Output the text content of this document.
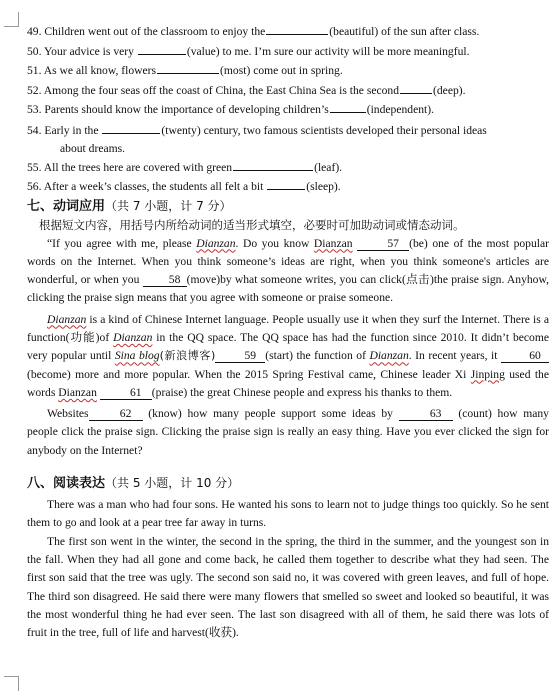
49. Children went out of the classroom to enjoy the	(beautiful) of the sun after class.
50. Your advice is very	(value) to me. I’m sure our activity will be more meaningful.
51. As we all know, flowers	(most) come out in spring.
52. Among the four seas off the coast of China, the East China Sea is the second	(deep).
53. Parents should know the importance of developing children’s	(independent).
54. Early in the	(twenty) century, two famous scientists developed their personal ideas
about dreams.
55. All the trees here are covered with green	(leaf).
56. After a week’s classes, the students all felt a bit	(sleep).
七、动词应用（共 7 小题，计 7 分）
根据短文内容，用括号内所给动词的适当形式填空，必要时可加助动词或情态动词。

“If you agree with me, please Dianzan. Do you know Dianzan	57 (be) one of the most popular words on the Internet. When you think someone’s ideas are right, when you think someone's articles are wonderful, or when you 58 (move)by what someone writes, you can click(点击)the praise sign. Anyhow, clicking the praise sign means that you agree with someone or praise someone.

Dianzan is a kind of Chinese Internet language. People usually use it when they surf the Internet. There is a function(功能)of Dianzan in the QQ space. The QQ space has had the function since 2010. It didn’t become very popular until Sina blog(新浪博客)	59 (start) the function of Dianzan. In recent years, it 60(become) more and more popular. When the 2015 Spring Festival came, Chinese leader Xi Jinping used the words Dianzan	61 (praise) the great Chinese people and express his thanks to them.

Websites	62 (know) how many people support some ideas by	63 (count) how many people click the praise sign. Clicking the praise sign is really an easy thing. Have you ever clicked the sign for anybody on the Internet?

八、阅读表达（共 5 小题，计 10 分）

There was a man who had four sons. He wanted his sons to learn not to judge things too quickly. So he sent them to go and look at a pear tree far away in turns.

The first son went in the winter, the second in the spring, the third in the summer, and the youngest son in the fall. When they had all gone and come back, he called them together to describe what they had seen. The first son said that the tree was ugly. The second son said no, it was covered with green leaves, and full of hope. The third son disagreed. He said there were many flowers that smelled so sweet and looked so beautiful, it was the most wonderful thing he had ever seen. The last son disagreed with all of them, he said there was lots of fruit in the tree, full of life and harvest(收获).
